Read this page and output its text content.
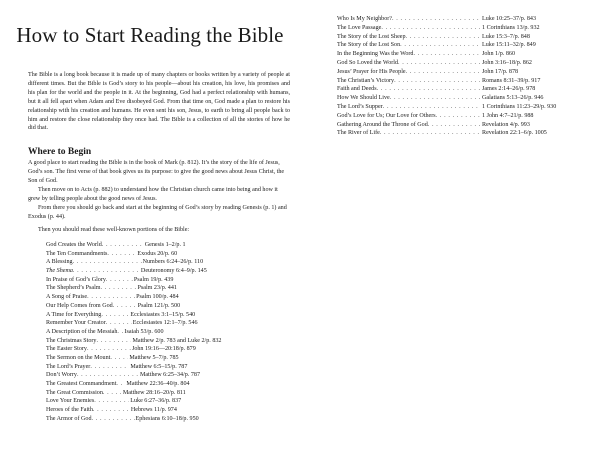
How to Start Reading the Bible

The Bible is a long book because it is made up of many chapters or books written by a variety of people at different times. But the Bible is God’s story to his people—about his creation, his love, his promises and his plan for the world and the people in it. At the beginning, God had a perfect relationship with humans, but it all fell apart when Adam and Eve disobeyed God. From that time on, God made a plan to restore his relationship with his creation and humans. He even sent his son, Jesus, to earth to bring all people back to him and restore the close relationship they once had. The Bible is a collection of all the stories of how he did that.

Where to Begin

A good place to start reading the Bible is in the book of Mark (p. 812). It’s the story of the life of Jesus, God’s son. The first verse of that book gives us its purpose: to give the good news about Jesus Christ, the Son of God.

Then move on to Acts (p. 882) to understand how the Christian church came into being and how it grew by telling people about the good news of Jesus.

From there you should go back and start at the beginning of God’s story by reading Genesis (p. 1) and Exodus (p. 44).

Then you should read these well-known portions of the Bible:

God Creates the World . . .	Genesis 1–2/p. 1
The Ten Commandments . . .	Exodus 20/p. 60
A Blessing . . .	Numbers 6:24–26/p. 110
The Shema . . .	Deuteronomy 6:4–9/p. 145
In Praise of God’s Glory . . .	Psalm 19/p. 439
The Shepherd’s Psalm . . .	Psalm 23/p. 441
A Song of Praise . . .	Psalm 100/p. 484
Our Help Comes from God . . .	Psalm 121/p. 500
A Time for Everything . . .	Ecclesiastes 3:1–15/p. 540
Remember Your Creator . . .	Ecclesiastes 12:1–7/p. 546
A Description of the Messiah . . . Isaiah 53/p. 600
The Christmas Story . . .	Matthew 2/p. 783 and Luke 2/p. 832
The Easter Story . . .	John 19:16—20:18/p. 879
The Sermon on the Mount . . .	Matthew 5–7/p. 785
The Lord’s Prayer . . .	Matthew 6:5–15/p. 787
Don’t Worry . . .	Matthew 6:25–34/p. 787
The Greatest Commandment . . . Matthew 22:36–40/p. 804
The Great Commission . . .	Matthew 28:16–20/p. 811
Love Your Enemies . . .	Luke 6:27–36/p. 837
Heroes of the Faith . . .	Hebrews 11/p. 974
The Armor of God . . .	Ephesians 6:10–18/p. 950
Who Is My Neighbor? . . .	Luke 10:25–37/p. 843
The Love Passage . . .	1 Corinthians 13/p. 932
The Story of the Lost Sheep . . .	Luke 15:3–7/p. 848
The Story of the Lost Son . . .	Luke 15:11–32/p. 849
In the Beginning Was the Word . . .	John 1/p. 860
God So Loved the World . . .	John 3:16–18/p. 862
Jesus’ Prayer for His People . . .	John 17/p. 878
The Christian’s Victory . . .	Romans 8:31–39/p. 917
Faith and Deeds . . .	James 2:14–26/p. 978
How We Should Live . . .	Galatians 5:13–26/p. 946
The Lord’s Supper . . .	1 Corinthians 11:23–29/p. 930
God’s Love for Us; Our Love for Others . . .	1 John 4:7–21/p. 988
Gathering Around the Throne of God . . .	Revelation 4/p. 993
The River of Life . . .	Revelation 22:1–6/p. 1005
